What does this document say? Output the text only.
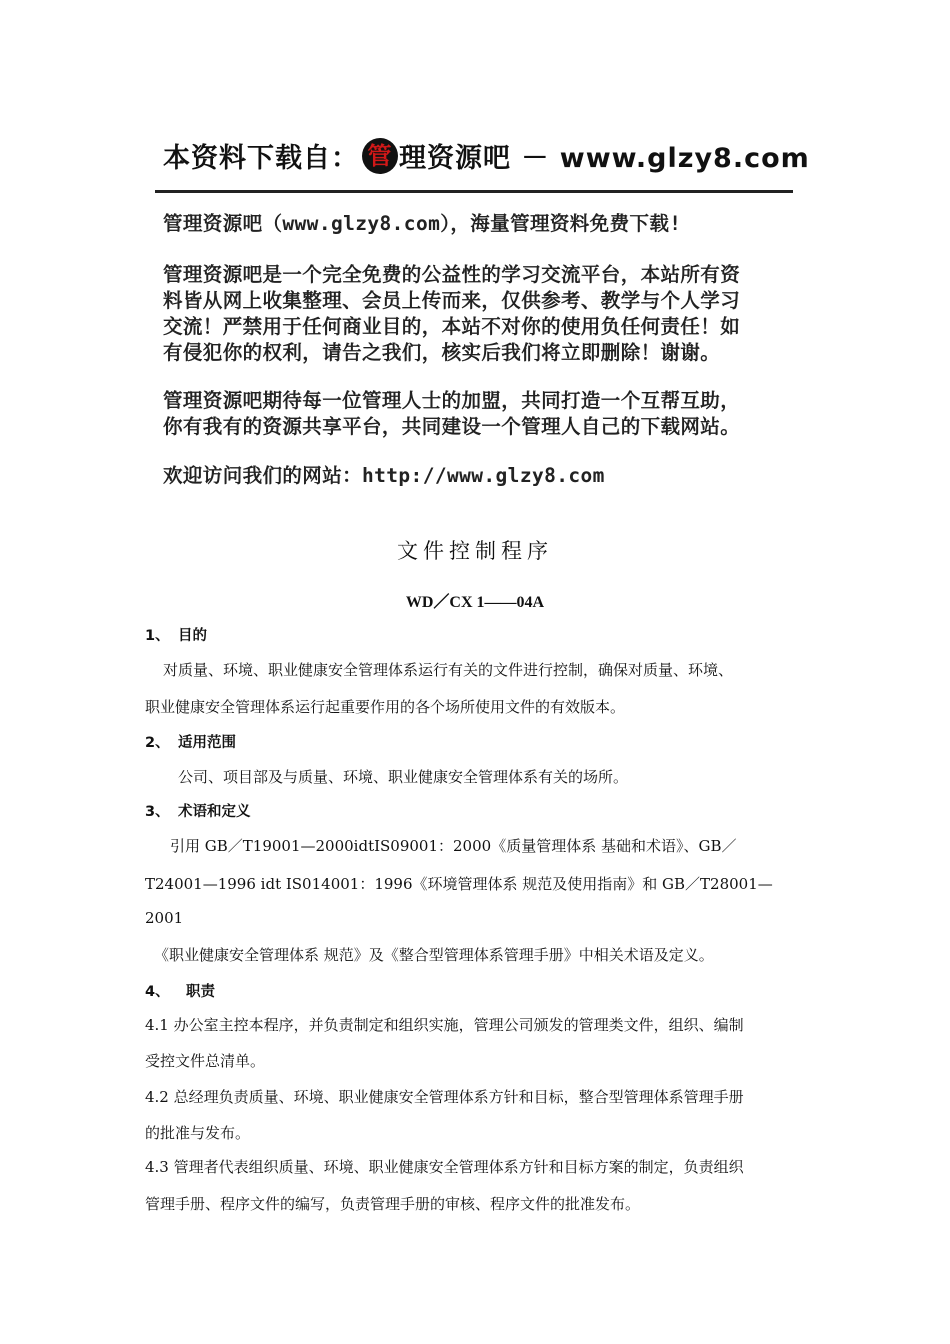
本资料下载自： 管 理资源吧 － www.glzy8.com
管理资源吧（www.glzy8.com），海量管理资料免费下载!
管理资源吧是一个完全免费的公益性的学习交流平台，本站所有资
料皆从网上收集整理、会员上传而来，仅供参考、教学与个人学习
交流！严禁用于任何商业目的，本站不对你的使用负任何责任！如
有侵犯你的权利，请告之我们，核实后我们将立即删除！谢谢。
管理资源吧期待每一位管理人士的加盟，共同打造一个互帮互助，
你有我有的资源共享平台，共同建设一个管理人自己的下载网站。
欢迎访问我们的网站：http://www.glzy8.com
文件控制程序
WD／CX 1——04A
1、 目的
对质量、环境、职业健康安全管理体系运行有关的文件进行控制，确保对质量、环境、
职业健康安全管理体系运行起重要作用的各个场所使用文件的有效版本。
2、 适用范围
公司、项目部及与质量、环境、职业健康安全管理体系有关的场所。
3、 术语和定义
引用 GB／T19001—2000idtIS09001：2000《质量管理体系 基础和术语》、GB／
T24001—1996 idt IS014001：1996《环境管理体系 规范及使用指南》和 GB／T28001—
2001
《职业健康安全管理体系 规范》及《整合型管理体系管理手册》中相关术语及定义。
4、 职责
4.1 办公室主控本程序，并负责制定和组织实施，管理公司颁发的管理类文件，组织、编制
受控文件总清单。
4.2 总经理负责质量、环境、职业健康安全管理体系方针和目标，整合型管理体系管理手册
的批准与发布。
4.3 管理者代表组织质量、环境、职业健康安全管理体系方针和目标方案的制定，负责组织
管理手册、程序文件的编写，负责管理手册的审核、程序文件的批准发布。
